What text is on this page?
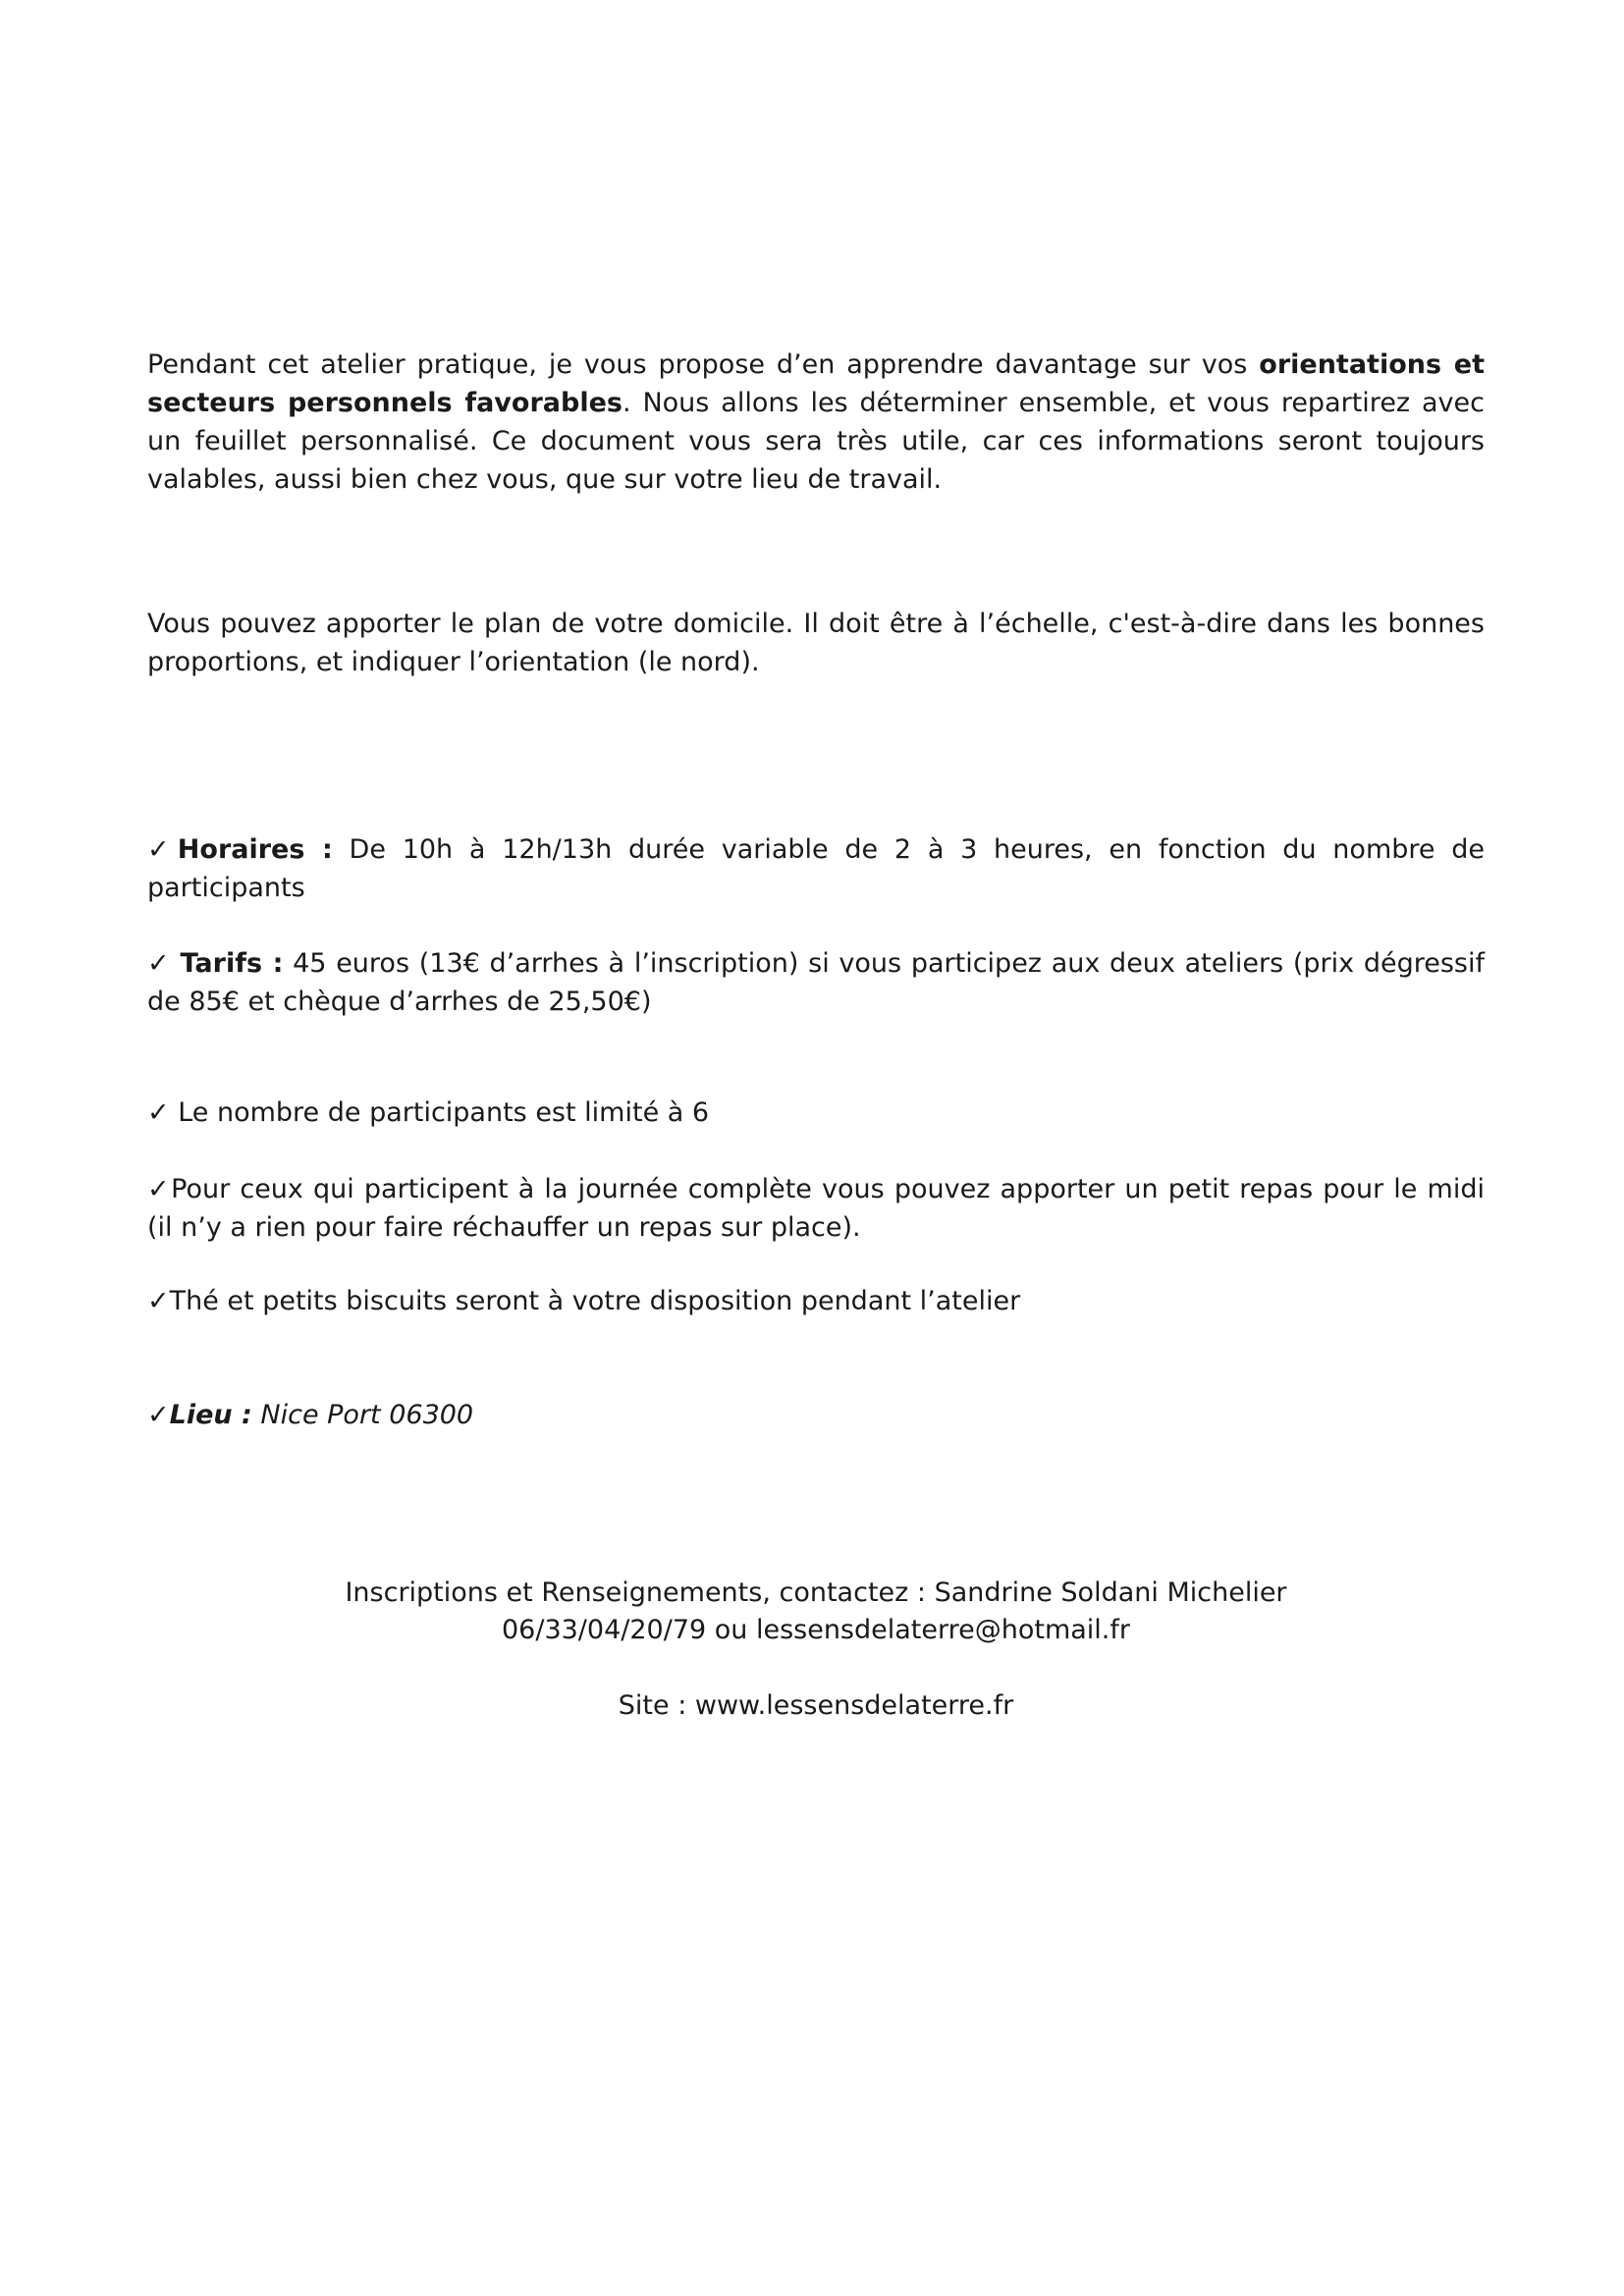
Pendant cet atelier pratique, je vous propose d’en apprendre davantage sur vos orientations et secteurs personnels favorables. Nous allons les déterminer ensemble, et vous repartirez avec un feuillet personnalisé. Ce document vous sera très utile, car ces informations seront toujours valables, aussi bien chez vous, que sur votre lieu de travail.

Vous pouvez apporter le plan de votre domicile. Il doit être à l’échelle, c'est-à-dire dans les bonnes proportions, et indiquer l’orientation (le nord).

✓Horaires : De 10h à 12h/13h durée variable de 2 à 3 heures, en fonction du nombre de participants

✓ Tarifs : 45 euros (13€ d’arrhes à l’inscription) si vous participez aux deux ateliers (prix dégressif de 85€ et chèque d’arrhes de 25,50€)

✓ Le nombre de participants est limité à 6

✓Pour ceux qui participent à la journée complète vous pouvez apporter un petit repas pour le midi (il n’y a rien pour faire réchauffer un repas sur place).

✓Thé et petits biscuits seront à votre disposition pendant l’atelier

✓Lieu : Nice Port 06300

Inscriptions et Renseignements, contactez : Sandrine Soldani Michelier

06/33/04/20/79 ou lessensdelaterre@hotmail.fr

Site : www.lessensdelaterre.fr
